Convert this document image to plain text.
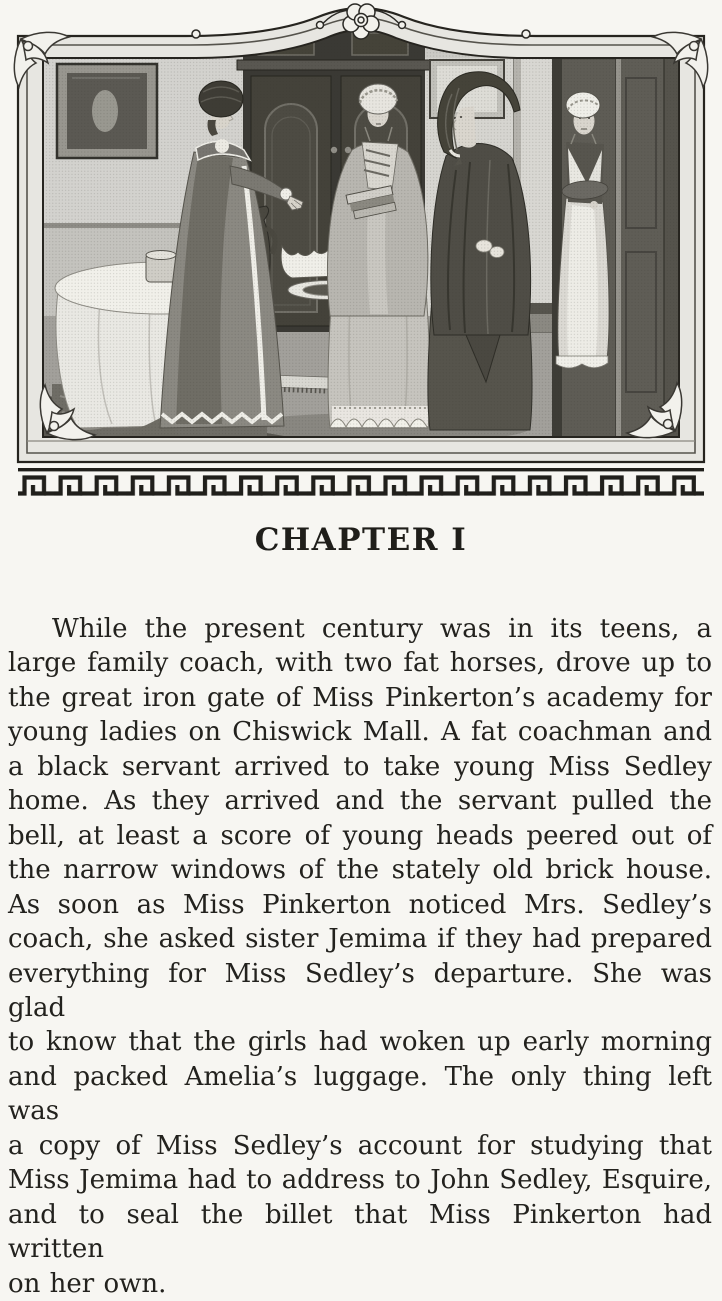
CHAPTER I
While the present century was in its teens, a
large family coach, with two fat horses, drove up to
the great iron gate of Miss Pinkerton’s academy for
young ladies on Chiswick Mall. A fat coachman and
a black servant arrived to take young Miss Sedley
home. As they arrived and the servant pulled the
bell, at least a score of young heads peered out of
the narrow windows of the stately old brick house.
As soon as Miss Pinkerton noticed Mrs. Sedley’s
coach, she asked sister Jemima if they had prepared
everything for Miss Sedley’s departure. She was glad
to know that the girls had woken up early morning
and packed Amelia’s luggage. The only thing left was
a copy of Miss Sedley’s account for studying that
Miss Jemima had to address to John Sedley, Esquire,
and to seal the billet that Miss Pinkerton had written
on her own.
